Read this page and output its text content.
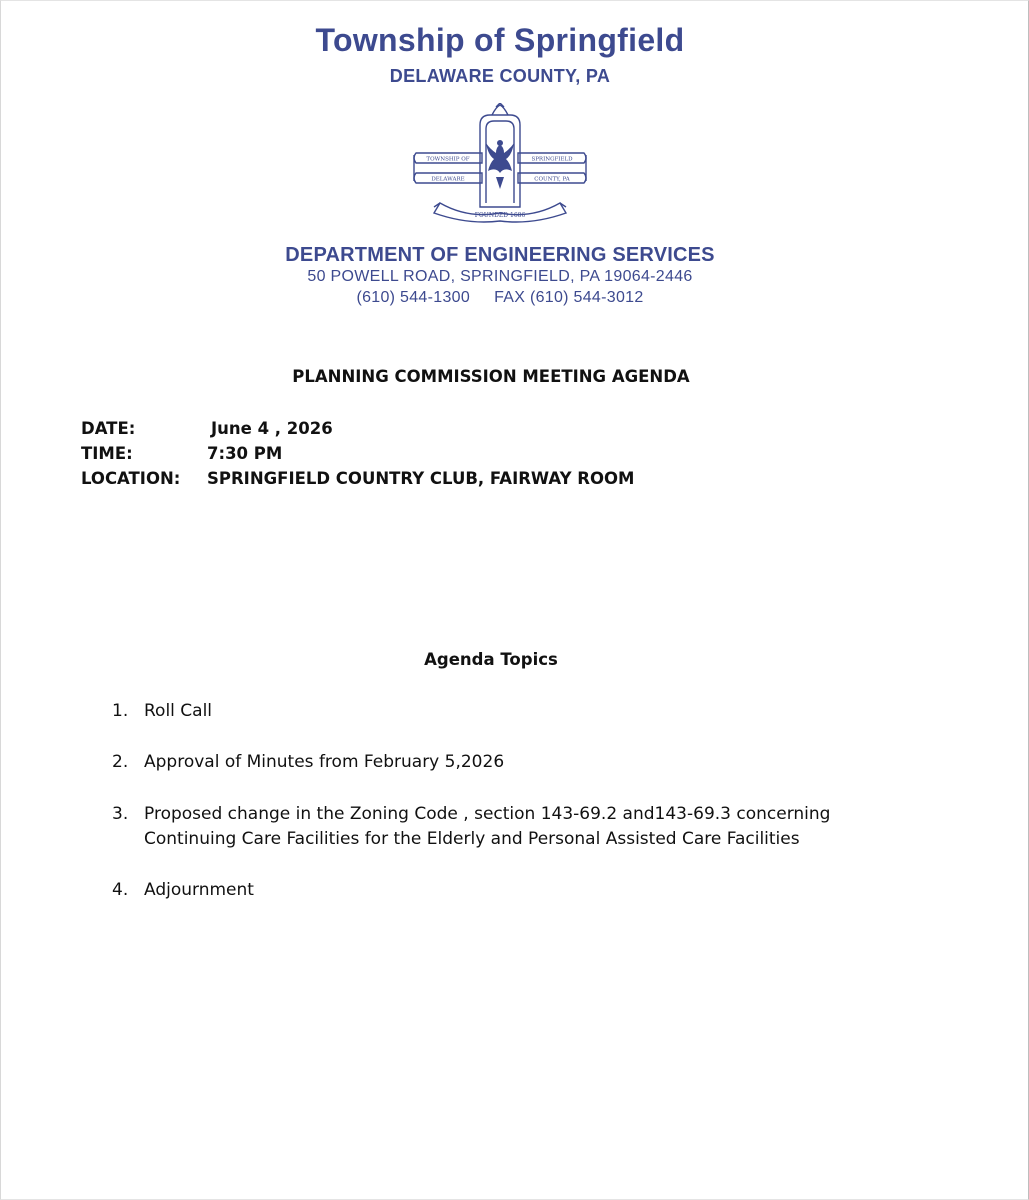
Township of Springfield
DELAWARE COUNTY, PA
TOWNSHIP OF	SPRINGFIELD
DELAWARE	COUNTY, PA
FOUNDED 1686
DEPARTMENT OF ENGINEERING SERVICES
50 POWELL ROAD, SPRINGFIELD, PA 19064-2446
(610) 544-1300 FAX (610) 544-3012
PLANNING COMMISSION MEETING AGENDA
DATE:	June 4 , 2026
TIME:	7:30 PM
LOCATION: SPRINGFIELD COUNTRY CLUB, FAIRWAY ROOM
Agenda Topics
1. Roll Call
2. Approval of Minutes from February 5,2026
3. Proposed change in the Zoning Code , section 143-69.2 and143-69.3 concerning
Continuing Care Facilities for the Elderly and Personal Assisted Care Facilities
4. Adjournment
